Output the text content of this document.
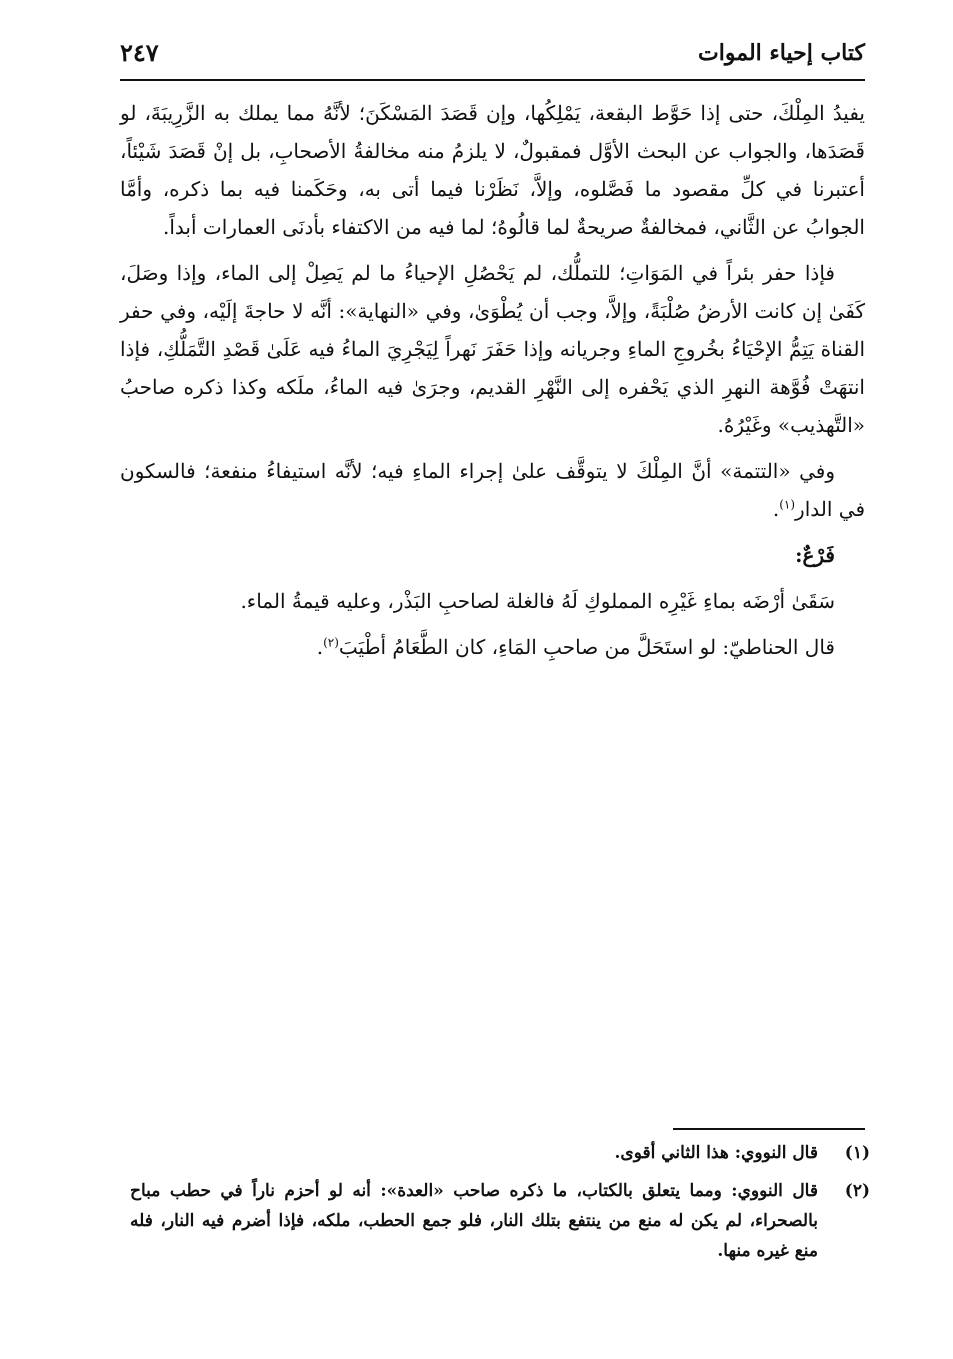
كتاب إحياء الموات
٢٤٧

يفيدُ المِلْكَ، حتى إذا حَوَّط البقعة، يَمْلِكُها، وإن قَصَدَ المَسْكَنَ؛ لأنَّهُ مما يملك به الزَّرِيبَةَ، لو قَصَدَها، والجواب عن البحث الأوَّل فمقبولٌ، لا يلزمُ منه مخالفةُ الأصحابِ، بل إنْ قَصَدَ شَيْئاً، أعتبرنا في كلِّ مقصود ما فَصَّلوه، وإلاَّ، نَظَرْنا فيما أتى به، وحَكَمنا فيه بما ذكره، وأمَّا الجوابُ عن الثَّاني، فمخالفةٌ صريحةٌ لما قالُوهُ؛ لما فيه من الاكتفاء بأدنَى العمارات أبداً.

فإذا حفر بئراً في المَوَاتِ؛ للتملُّك، لم يَحْصُلِ الإحياءُ ما لم يَصِلْ إلى الماء، وإذا وصَلَ، كَفَىٰ إن كانت الأرضُ صُلْبَةً، وإلاَّ، وجب أن يُطْوَىٰ، وفي «النهاية»: أنَّه لا حاجةَ إلَيْه، وفي حفر القناة يَتِمُّ الإحْيَاءُ بخُروجِ الماءِ وجريانه وإذا حَفَرَ نَهراً لِيَجْرِيَ الماءُ فيه عَلَىٰ قَصْدِ التَّمَلُّكِ، فإذا انتهَتْ فُوَّهة النهرِ الذي يَحْفره إلى النَّهْرِ القديم، وجرَىٰ فيه الماءُ، ملَكه وكذا ذكره صاحبُ «التَّهذيب» وغَيْرُهُ.

وفي «التتمة» أنَّ المِلْكَ لا يتوقَّف علىٰ إجراء الماءِ فيه؛ لأنَّه استيفاءُ منفعة؛ فالسكون في الدار$^{(١)}$.

فَرْعٌ:

سَقَىٰ أرْضَه بماءِ غَيْرِه المملوكِ لَهُ فالغلة لصاحبِ البَذْر، وعليه قيمةُ الماء.

قال الحناطيّ: لو استَحَلَّ من صاحبِ المَاءِ، كان الطَّعَامُ أطْيَبَ$^{(٢)}$.

(١)
قال النووي: هذا الثاني أقوى.
(٢)
قال النووي: ومما يتعلق بالكتاب، ما ذكره صاحب «العدة»: أنه لو أحزم ناراً في حطب مباح بالصحراء، لم يكن له منع من ينتفع بتلك النار، فلو جمع الحطب، ملكه، فإذا أضرم فيه النار، فله منع غيره منها.
